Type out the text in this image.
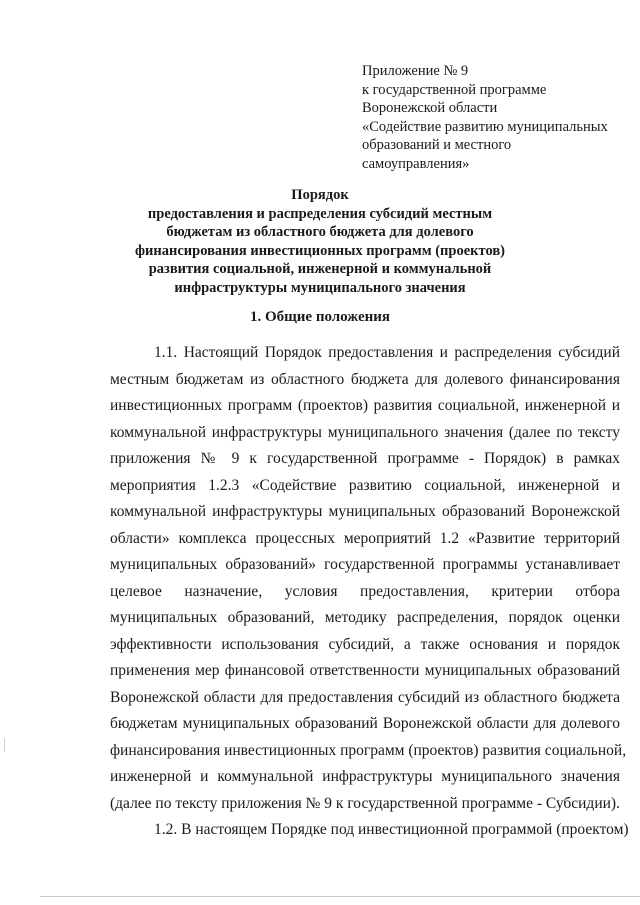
Приложение № 9
к государственной программе
Воронежской области
«Содействие развитию муниципальных
образований и местного
самоуправления»
Порядок
предоставления и распределения субсидий местным
бюджетам из областного бюджета для долевого
финансирования инвестиционных программ (проектов)
развития социальной, инженерной и коммунальной
инфраструктуры муниципального значения
1. Общие положения
1.1. Настоящий Порядок предоставления и распределения субсидий
местным бюджетам из областного бюджета для долевого финансирования
инвестиционных программ (проектов) развития социальной, инженерной и
коммунальной инфраструктуры муниципального значения (далее по тексту
приложения № 9 к государственной программе - Порядок) в рамках
мероприятия 1.2.3 «Содействие развитию социальной, инженерной и
коммунальной инфраструктуры муниципальных образований Воронежской
области» комплекса процессных мероприятий 1.2 «Развитие территорий
муниципальных образований» государственной программы устанавливает
целевое назначение, условия предоставления, критерии отбора
муниципальных образований, методику распределения, порядок оценки
эффективности использования субсидий, а также основания и порядок
применения мер финансовой ответственности муниципальных образований
Воронежской области для предоставления субсидий из областного бюджета
бюджетам муниципальных образований Воронежской области для долевого
финансирования инвестиционных программ (проектов) развития социальной,
инженерной и коммунальной инфраструктуры муниципального значения
(далее по тексту приложения № 9 к государственной программе - Субсидии).
1.2. В настоящем Порядке под инвестиционной программой (проектом)
